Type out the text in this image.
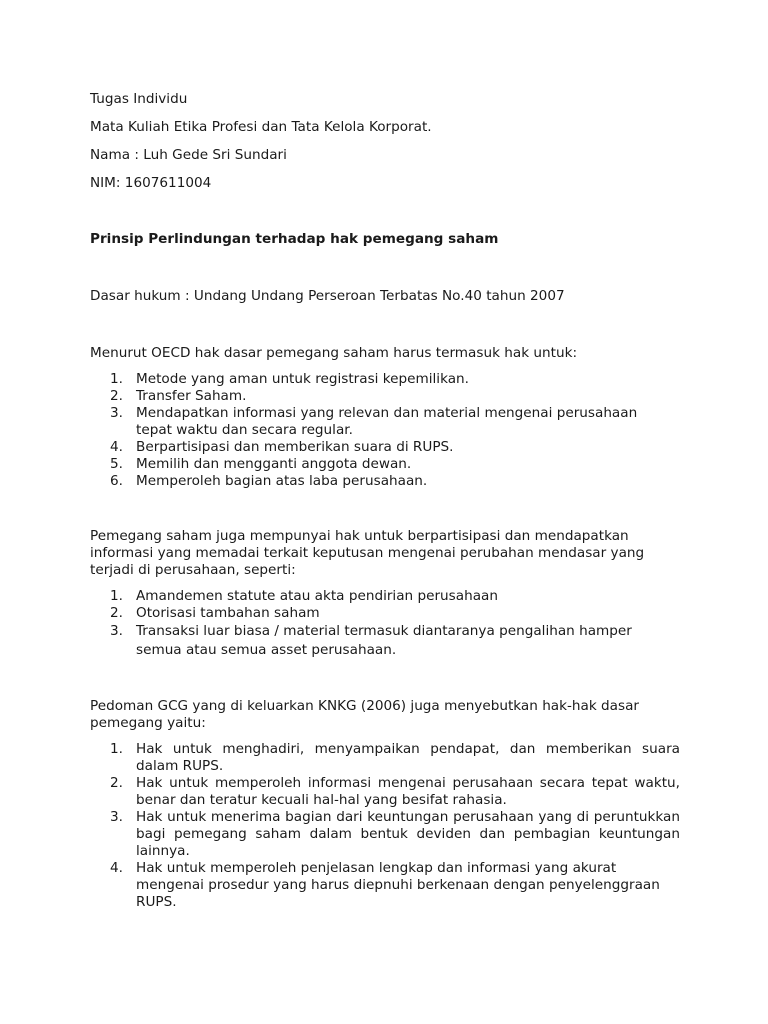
Tugas Individu

Mata Kuliah Etika Profesi dan Tata Kelola Korporat.

Nama : Luh Gede Sri Sundari

NIM: 1607611004

Prinsip Perlindungan terhadap hak pemegang saham

Dasar hukum : Undang Undang Perseroan Terbatas No.40 tahun 2007

Menurut OECD hak dasar pemegang saham harus termasuk hak untuk:

1. Metode yang aman untuk registrasi kepemilikan.
2. Transfer Saham.
3. Mendapatkan informasi yang relevan dan material mengenai perusahaan tepat waktu dan secara regular.
4. Berpartisipasi dan memberikan suara di RUPS.
5. Memilih dan mengganti anggota dewan.
6. Memperoleh bagian atas laba perusahaan.

Pemegang saham juga mempunyai hak untuk berpartisipasi dan mendapatkan informasi yang memadai terkait keputusan mengenai perubahan mendasar yang terjadi di perusahaan, seperti:

1. Amandemen statute atau akta pendirian perusahaan
2. Otorisasi tambahan saham
3. Transaksi luar biasa / material termasuk diantaranya pengalihan hamper semua atau semua asset perusahaan.

Pedoman GCG yang di keluarkan KNKG (2006) juga menyebutkan hak-hak dasar pemegang yaitu:

1. Hak untuk menghadiri, menyampaikan pendapat, dan memberikan suara dalam RUPS.
2. Hak untuk memperoleh informasi mengenai perusahaan secara tepat waktu, benar dan teratur kecuali hal-hal yang besifat rahasia.
3. Hak untuk menerima bagian dari keuntungan perusahaan yang di peruntukkan bagi pemegang saham dalam bentuk deviden dan pembagian keuntungan lainnya.
4. Hak untuk memperoleh penjelasan lengkap dan informasi yang akurat mengenai prosedur yang harus diepnuhi berkenaan dengan penyelenggraan RUPS.
